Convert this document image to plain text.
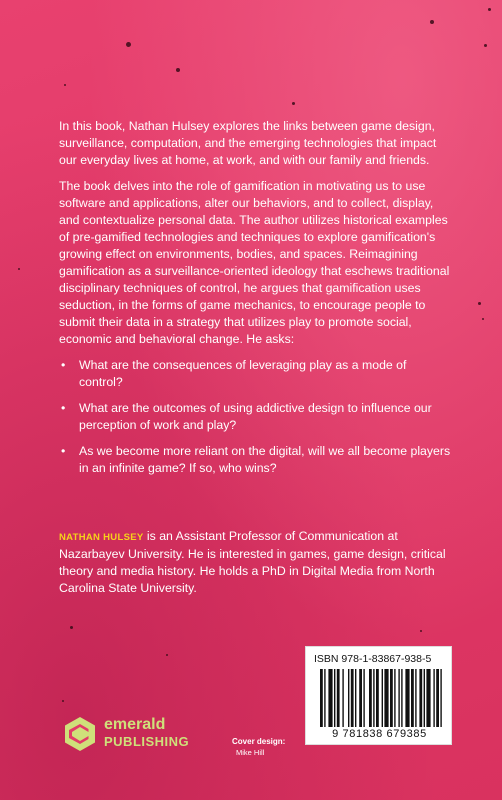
In this book, Nathan Hulsey explores the links between game design, surveillance, computation, and the emerging technologies that impact our everyday lives at home, at work, and with our family and friends.

The book delves into the role of gamification in motivating us to use software and applications, alter our behaviors, and to collect, display, and contextualize personal data. The author utilizes historical examples of pre-gamified technologies and techniques to explore gamification's growing effect on environments, bodies, and spaces. Reimagining gamification as a surveillance-oriented ideology that eschews traditional disciplinary techniques of control, he argues that gamification uses seduction, in the forms of game mechanics, to encourage people to submit their data in a strategy that utilizes play to promote social, economic and behavioral change. He asks:

• What are the consequences of leveraging play as a mode of control?
• What are the outcomes of using addictive design to influence our perception of work and play?
• As we become more reliant on the digital, will we all become players in an infinite game? If so, who wins?
NATHAN HULSEY is an Assistant Professor of Communication at Nazarbayev University. He is interested in games, game design, critical theory and media history. He holds a PhD in Digital Media from North Carolina State University.
emerald
PUBLISHING	Cover design:
Mike Hill
ISBN 978-1-83867-938-5
9 781838 679385
